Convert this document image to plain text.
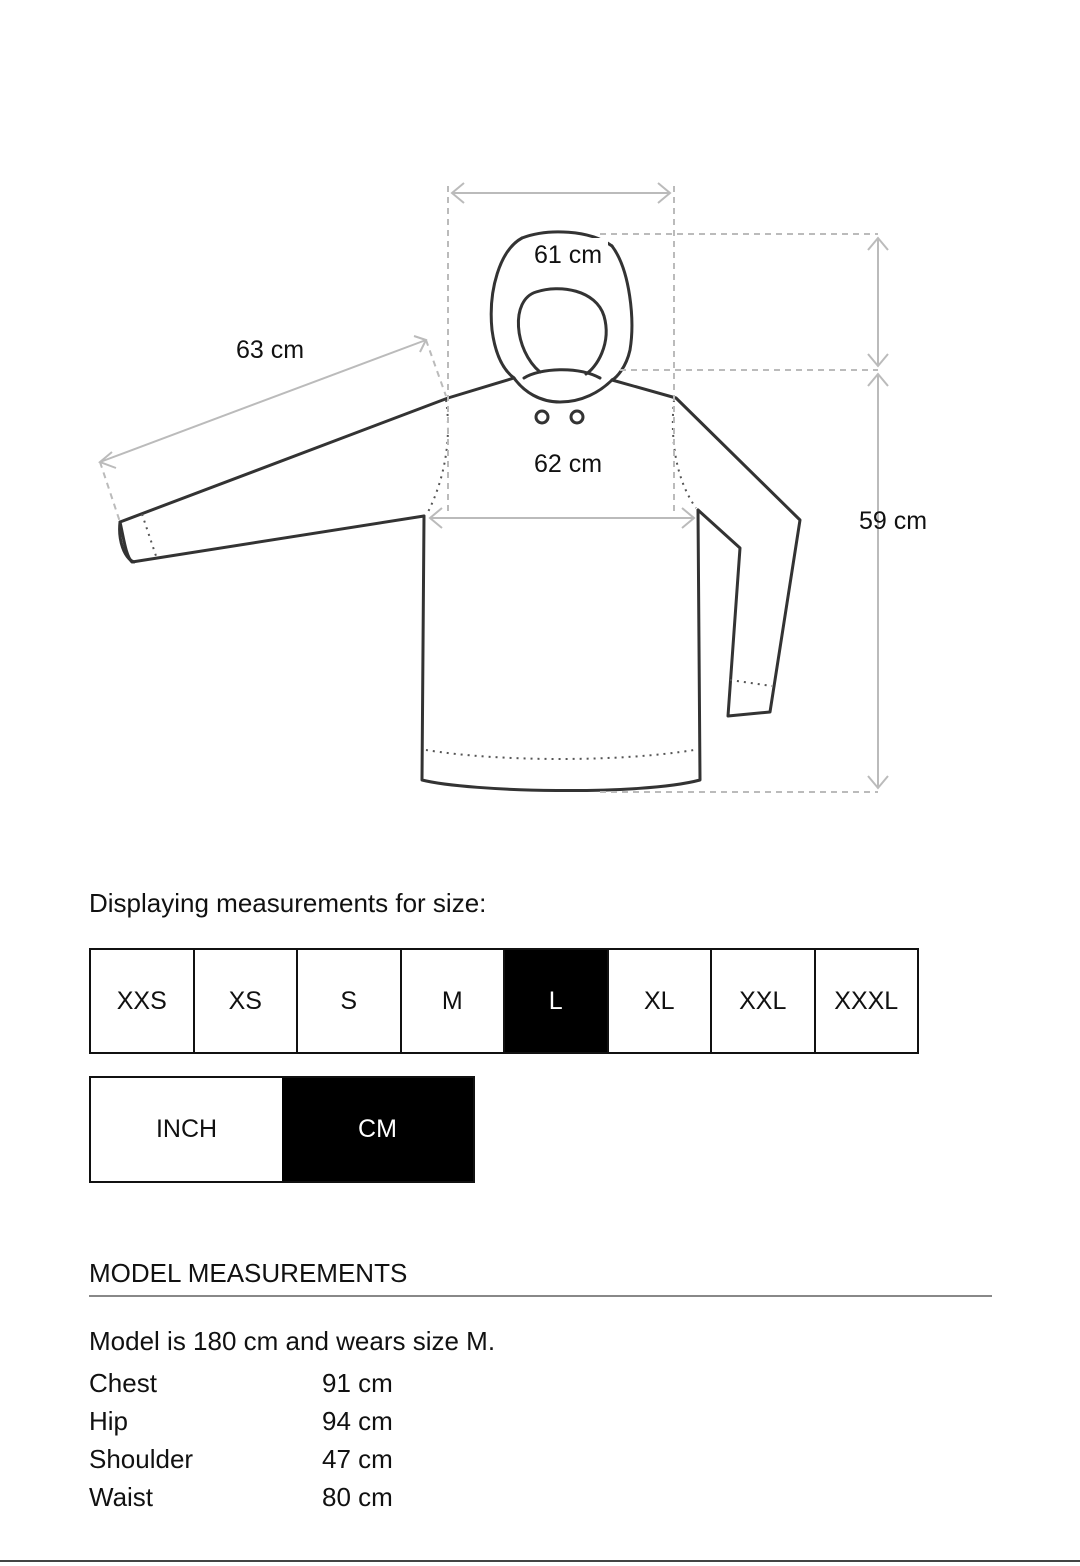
61 cm
63 cm
62 cm
59 cm
Displaying measurements for size:
XXS	XS	S	M	L	XL	XXL	XXXL
INCH	CM
MODEL MEASUREMENTS
Model is 180 cm and wears size M.
Chest	91 cm
Hip	94 cm
Shoulder	47 cm
Waist	80 cm
